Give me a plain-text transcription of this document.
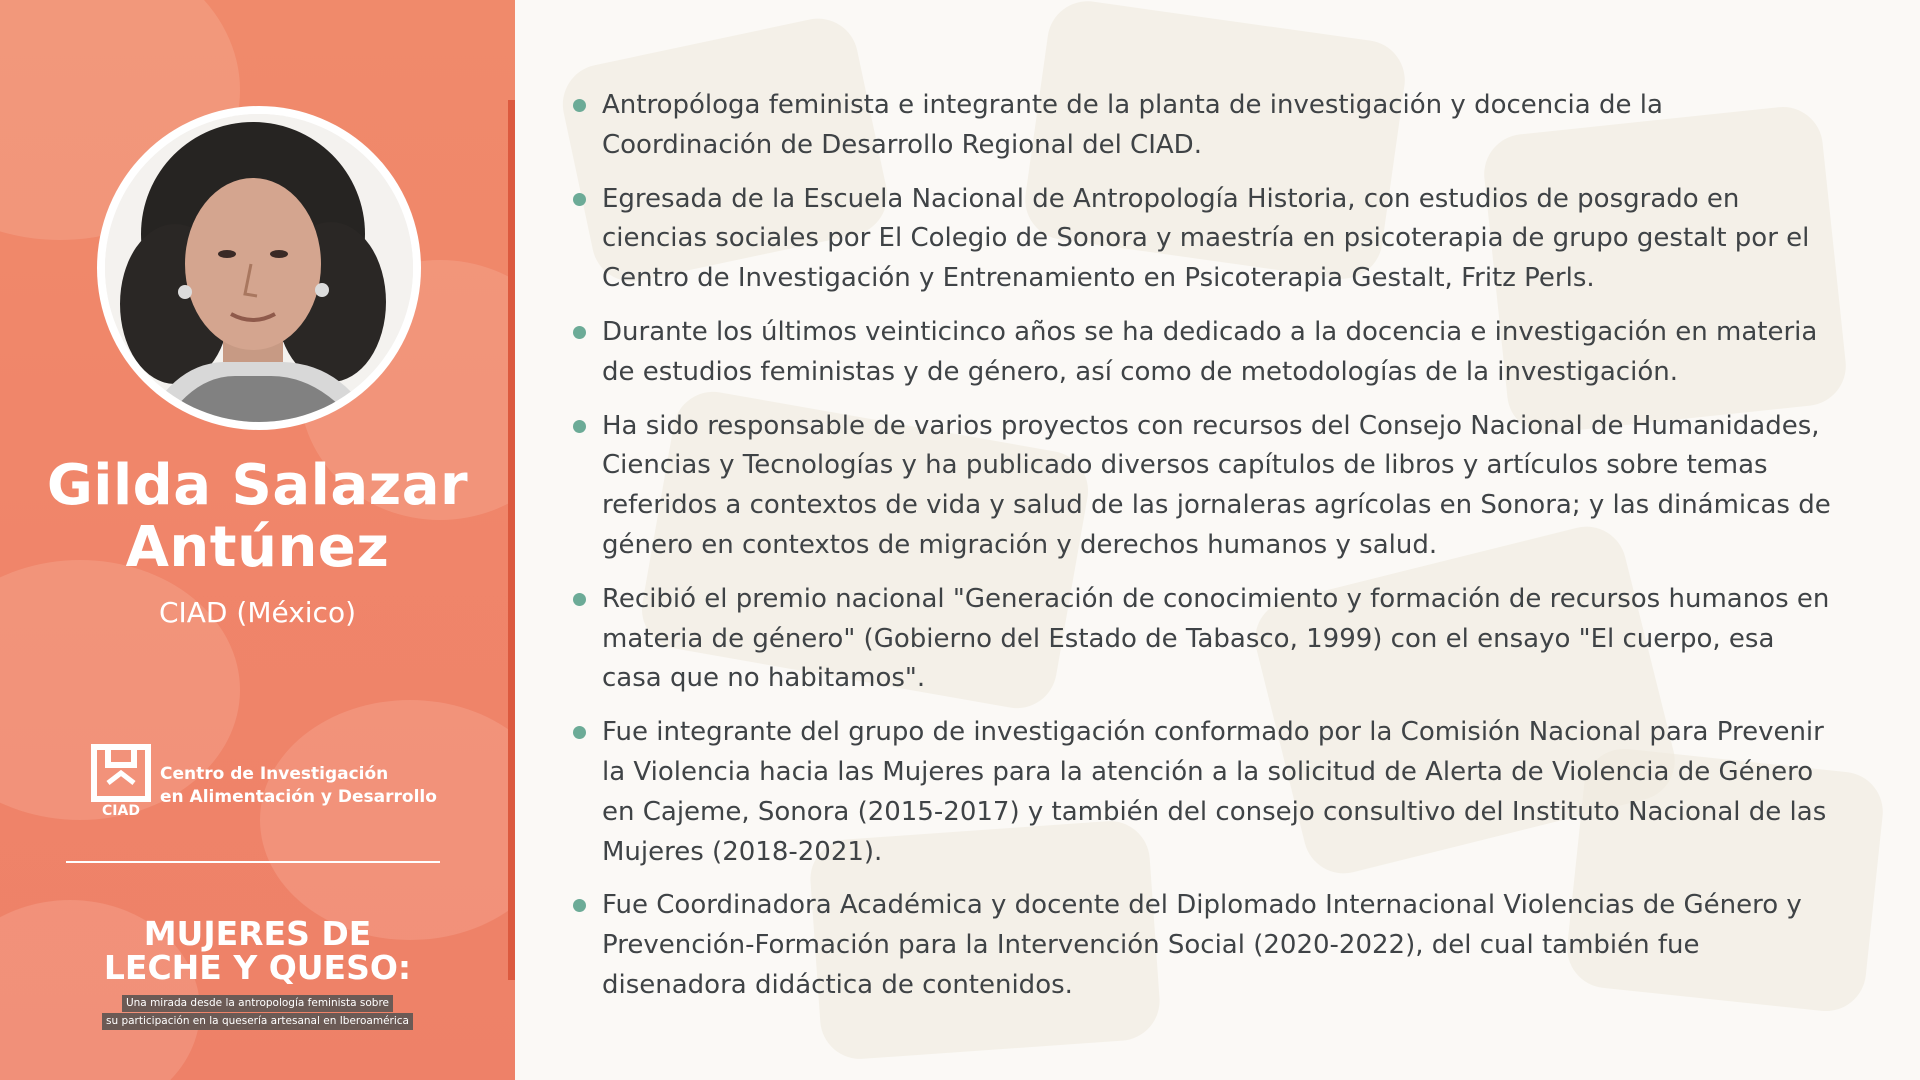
Gilda Salazar
Antúnez
CIAD (México)
CIAD
Centro de Investigación
en Alimentación y Desarrollo
MUJERES DE
LECHE Y QUESO:
Una mirada desde la antropología feminista sobre
su participación en la quesería artesanal en Iberoamérica
Antropóloga feminista e integrante de la planta de investigación y docencia de la Coordinación de Desarrollo Regional del CIAD.
Egresada de la Escuela Nacional de Antropología Historia, con estudios de posgrado en ciencias sociales por El Colegio de Sonora y maestría en psicoterapia de grupo gestalt por el Centro de Investigación y Entrenamiento en Psicoterapia Gestalt, Fritz Perls.
Durante los últimos veinticinco años se ha dedicado a la docencia e investigación en materia de estudios feministas y de género, así como de metodologías de la investigación.
Ha sido responsable de varios proyectos con recursos del Consejo Nacional de Humanidades, Ciencias y Tecnologías y ha publicado diversos capítulos de libros y artículos sobre temas referidos a contextos de vida y salud de las jornaleras agrícolas en Sonora; y las dinámicas de género en contextos de migración y derechos humanos y salud.
Recibió el premio nacional "Generación de conocimiento y formación de recursos humanos en materia de género" (Gobierno del Estado de Tabasco, 1999) con el ensayo "El cuerpo, esa casa que no habitamos".
Fue integrante del grupo de investigación conformado por la Comisión Nacional para Prevenir la Violencia hacia las Mujeres para la atención a la solicitud de Alerta de Violencia de Género en Cajeme, Sonora (2015-2017) y también del consejo consultivo del Instituto Nacional de las Mujeres (2018-2021).
Fue Coordinadora Académica y docente del Diplomado Internacional Violencias de Género y Prevención-Formación para la Intervención Social (2020-2022), del cual también fue disenadora didáctica de contenidos.
